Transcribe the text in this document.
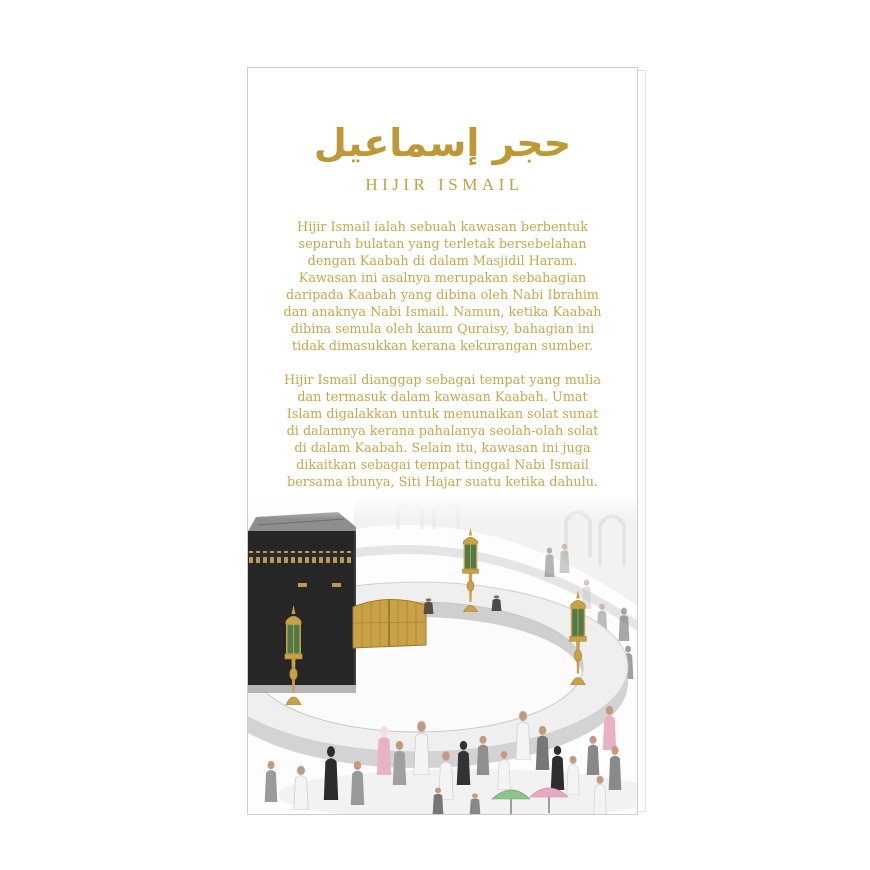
حجر إسماعيل
HIJIR ISMAIL
Hijir Ismail ialah sebuah kawasan berbentuk
separuh bulatan yang terletak bersebelahan
dengan Kaabah di dalam Masjidil Haram.
Kawasan ini asalnya merupakan sebahagian
daripada Kaabah yang dibina oleh Nabi Ibrahim
dan anaknya Nabi Ismail. Namun, ketika Kaabah
dibina semula oleh kaum Quraisy, bahagian ini
tidak dimasukkan kerana kekurangan sumber.
Hijir Ismail dianggap sebagai tempat yang mulia
dan termasuk dalam kawasan Kaabah. Umat
Islam digalakkan untuk menunaikan solat sunat
di dalamnya kerana pahalanya seolah-olah solat
di dalam Kaabah. Selain itu, kawasan ini juga
dikaitkan sebagai tempat tinggal Nabi Ismail
bersama ibunya, Siti Hajar suatu ketika dahulu.
